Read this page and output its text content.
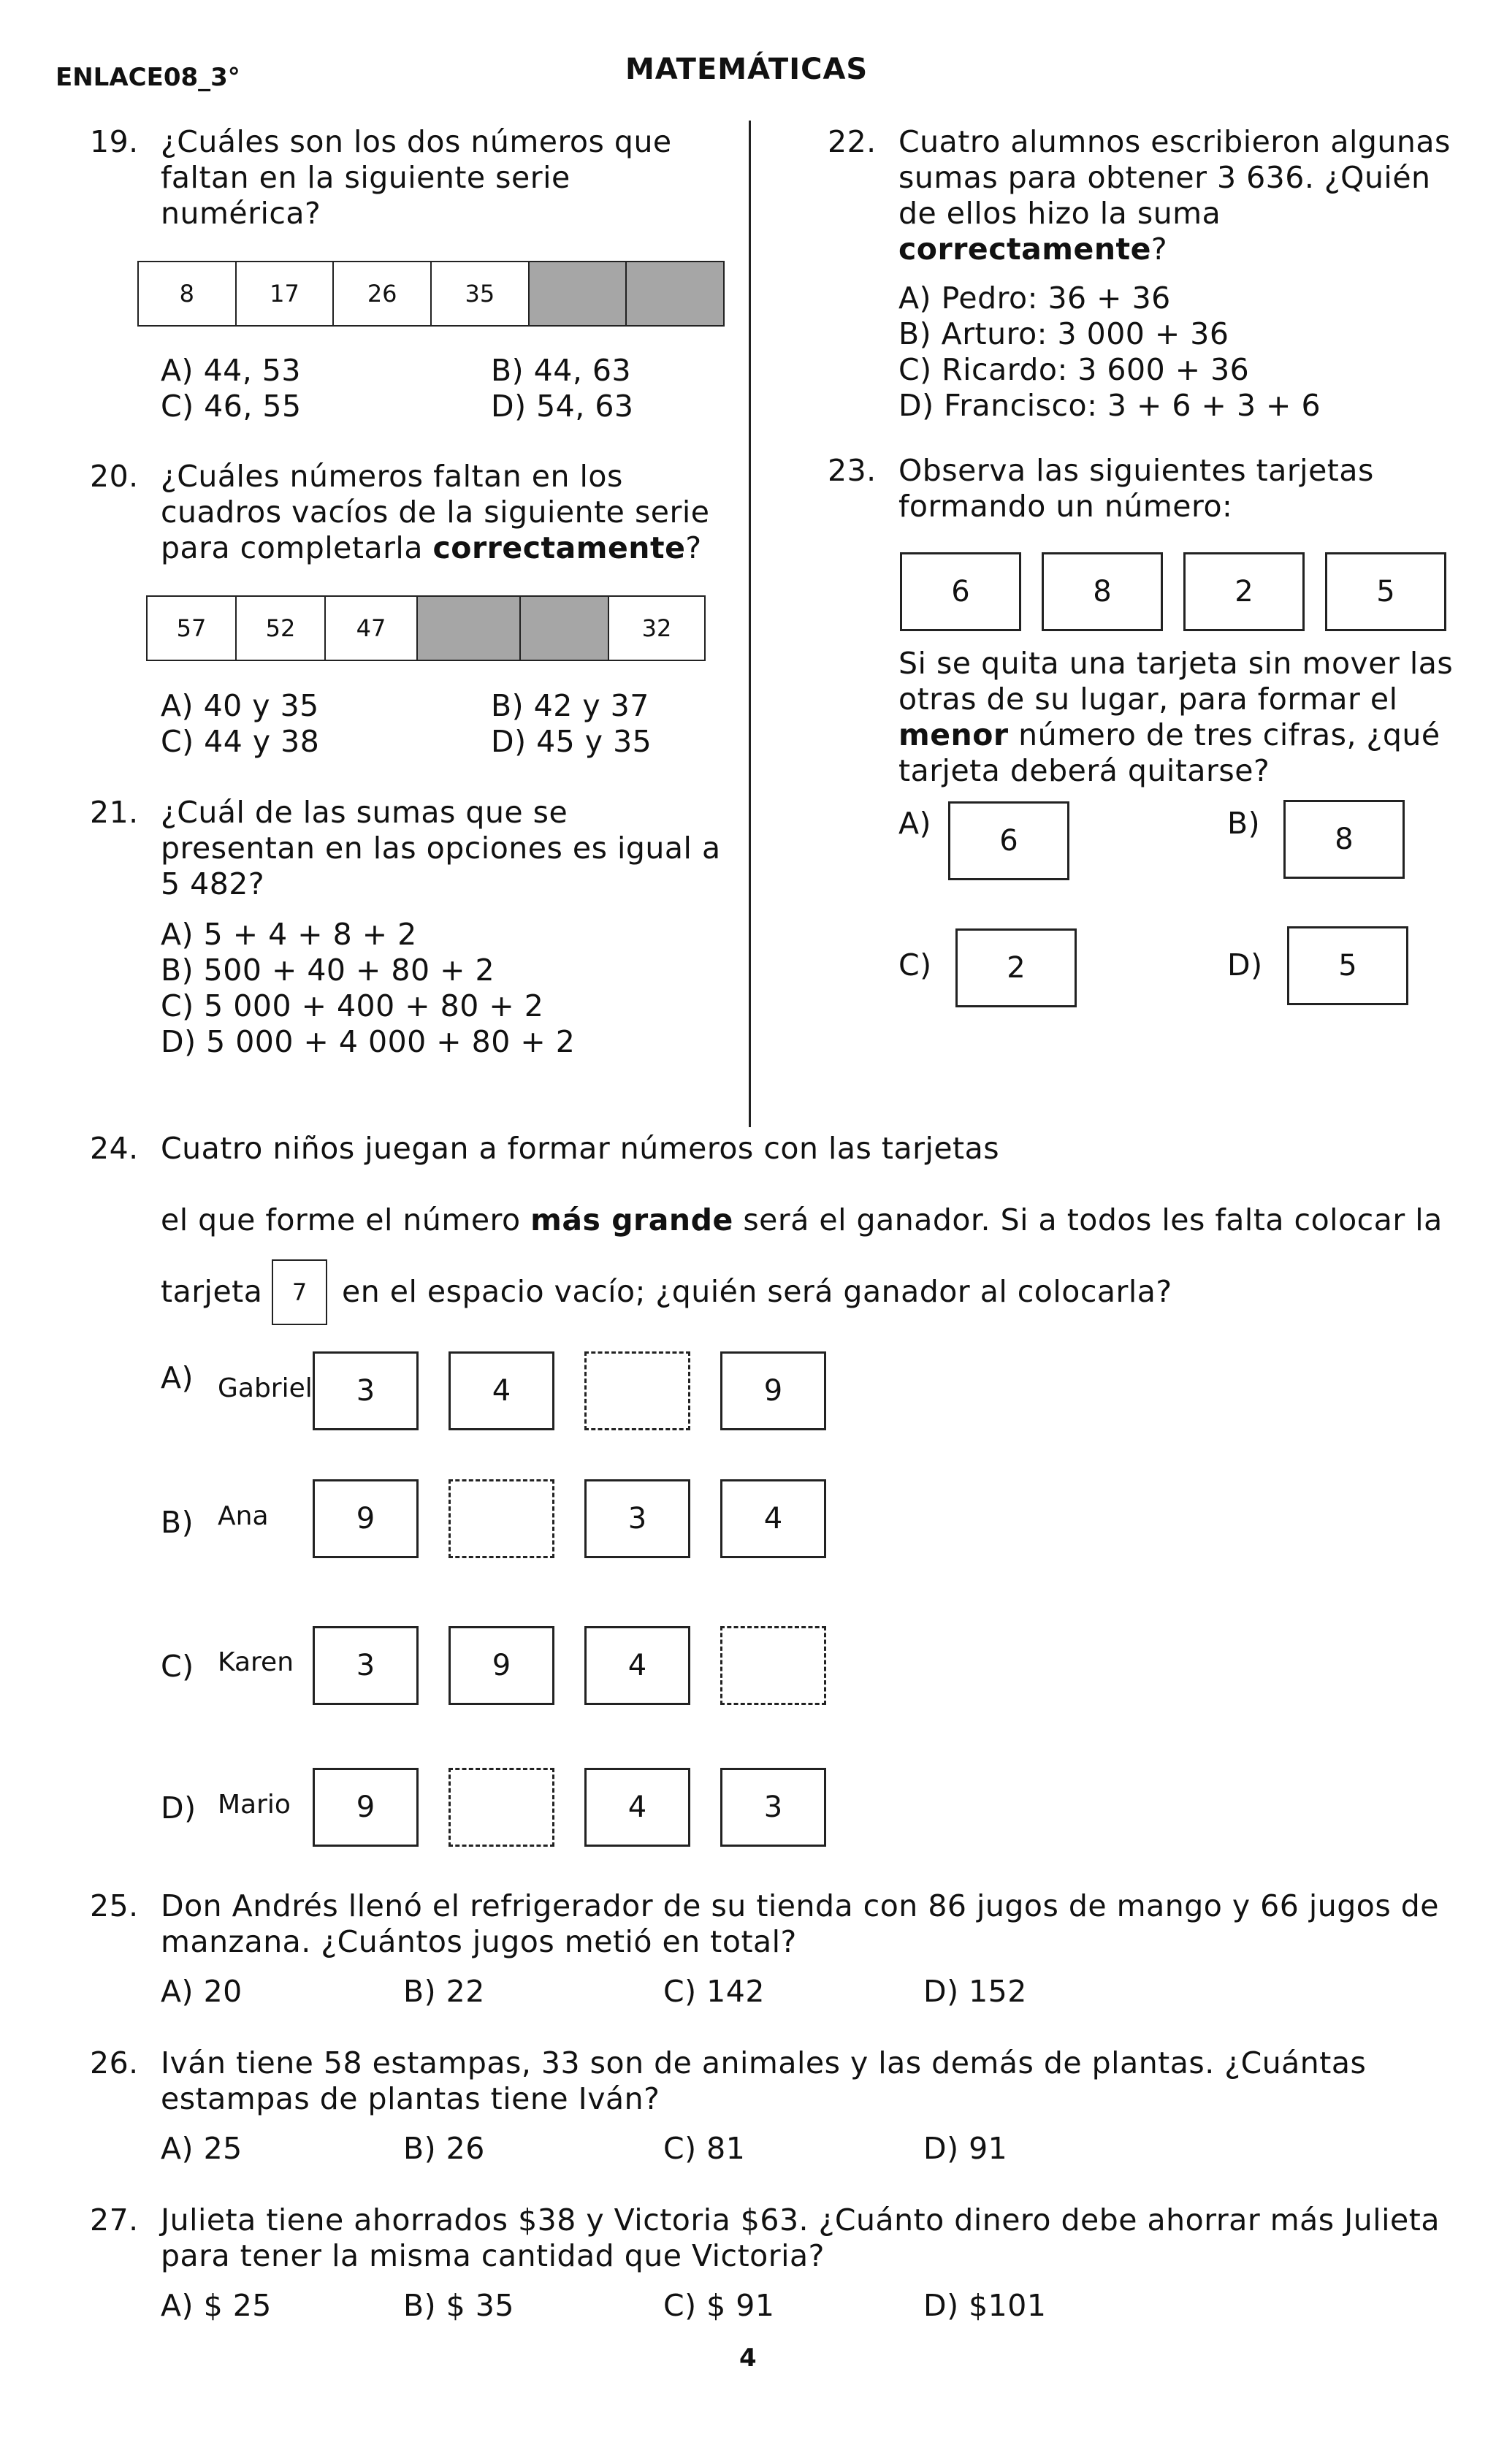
ENLACE08_3°	MATEMÁTICAS
19. ¿Cuáles son los dos números que
faltan en la siguiente serie
numérica?
8	17	26	35
A) 44, 53	B) 44, 63
C) 46, 55	D) 54, 63
20. ¿Cuáles números faltan en los
cuadros vacíos de la siguiente serie
para completarla correctamente?
57	52	47	32
A) 40 y 35	B) 42 y 37
C) 44 y 38	D) 45 y 35
21. ¿Cuál de las sumas que se
presentan en las opciones es igual a
5 482?
A) 5 + 4 + 8 + 2
B) 500 + 40 + 80 + 2
C) 5 000 + 400 + 80 + 2
D) 5 000 + 4 000 + 80 + 2
22. Cuatro alumnos escribieron algunas
sumas para obtener 3 636. ¿Quién
de ellos hizo la suma
correctamente?
A) Pedro: 36 + 36
B) Arturo: 3 000 + 36
C) Ricardo: 3 600 + 36
D) Francisco: 3 + 6 + 3 + 6
23. Observa las siguientes tarjetas
formando un número:
6	8	2	5
Si se quita una tarjeta sin mover las
otras de su lugar, para formar el
menor número de tres cifras, ¿qué
tarjeta deberá quitarse?
A)	6	B)	8
C)	2	D)	5
24. Cuatro niños juegan a formar números con las tarjetas
el que forme el número más grande será el ganador. Si a todos les falta colocar la
tarjeta	7	en el espacio vacío; ¿quién será ganador al colocarla?
A) Gabriel	3	4	9
B) Ana	9	3	4
C) Karen	3	9	4
D) Mario	9	4	3
25. Don Andrés llenó el refrigerador de su tienda con 86 jugos de mango y 66 jugos de
manzana. ¿Cuántos jugos metió en total?
A) 20	B) 22	C) 142	D) 152
26. Iván tiene 58 estampas, 33 son de animales y las demás de plantas. ¿Cuántas
estampas de plantas tiene Iván?
A) 25	B) 26	C) 81	D) 91
27. Julieta tiene ahorrados $38 y Victoria $63. ¿Cuánto dinero debe ahorrar más Julieta
para tener la misma cantidad que Victoria?
A) $ 25	B) $ 35	C) $ 91	D) $101
4
